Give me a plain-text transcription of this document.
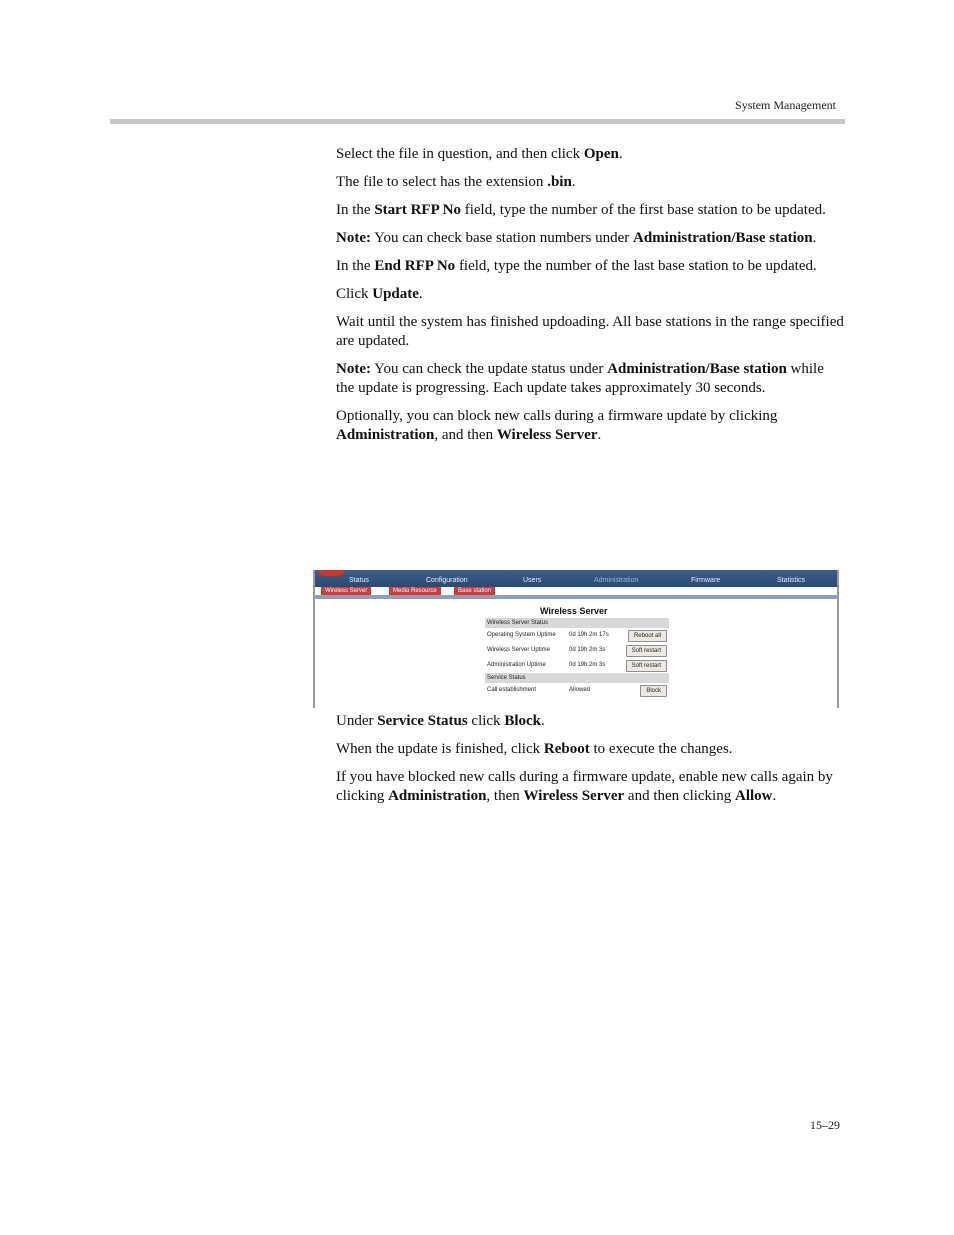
System Management

Select the file in question, and then click Open.

The file to select has the extension .bin.

In the Start RFP No field, type the number of the first base station to be updated.

Note: You can check base station numbers under Administration/Base station.

In the End RFP No field, type the number of the last base station to be updated.

Click Update.

Wait until the system has finished updoading. All base stations in the range specified are updated.

Note: You can check the update status under Administration/Base station while the update is progressing. Each update takes approximately 30 seconds.

Optionally, you can block new calls during a firmware update by clicking Administration, and then Wireless Server.

Status	Configuration	Users	Administration	Firmware	Statistics
Wireless Server	Media Resource	Base station
Wireless Server
Wireless Server Status
Operating System Uptime 0d 19h 2m 17s	Reboot all
Wireless Server Uptime	0d 19h 2m 3s	Soft restart
Administration Uptime	0d 19h 2m 3s	Soft restart
Service Status
Call establishment	Allowed	Block

Under Service Status click Block.

When the update is finished, click Reboot to execute the changes.

If you have blocked new calls during a firmware update, enable new calls again by clicking Administration, then Wireless Server and then clicking Allow.

15–29
